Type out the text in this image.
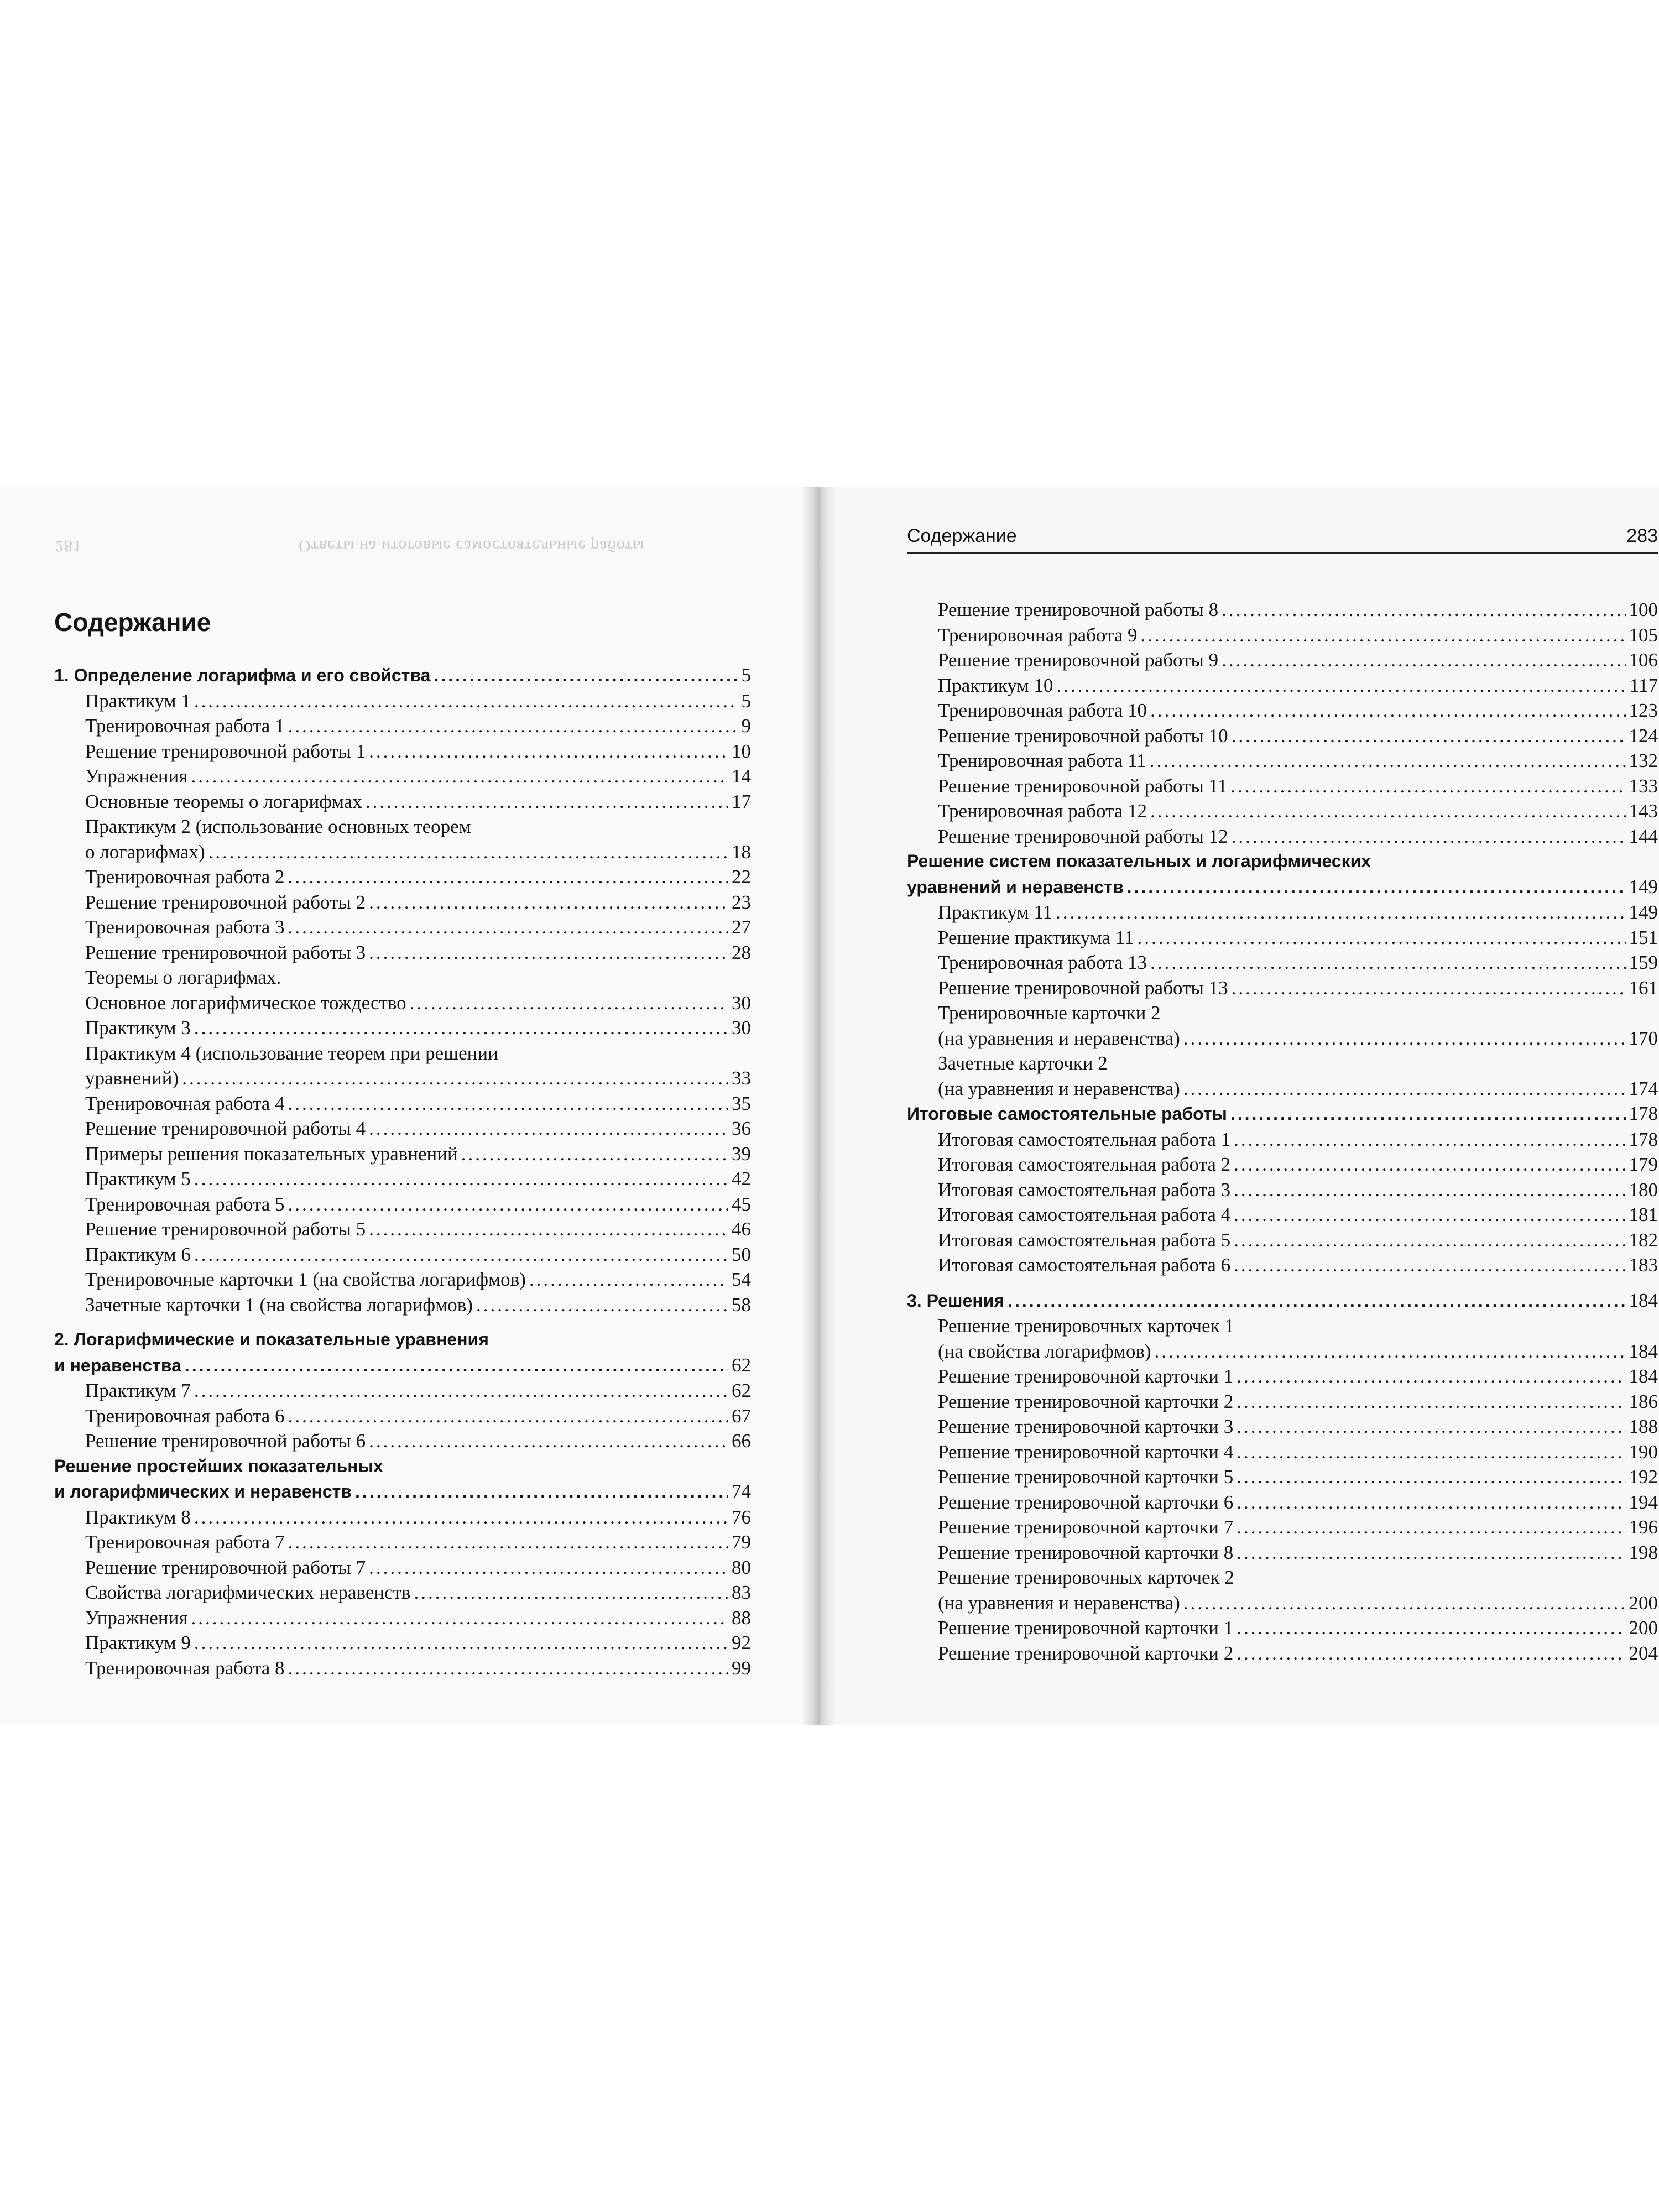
Ответы на итоговые самостоятельные работы
281
Содержание
1. Определение логарифма и его свойства .....	5
Практикум 1 .....	5
Тренировочная работа 1 .....	9
Решение тренировочной работы 1 .....	10
Упражнения .....	14
Основные теоремы о логарифмах .....	17
Практикум 2 (использование основных теорем
о логарифмах) .....	18
Тренировочная работа 2 .....	22
Решение тренировочной работы 2 .....	23
Тренировочная работа 3 .....	27
Решение тренировочной работы 3 .....	28
Теоремы о логарифмах.
Основное логарифмическое тождество .....	30
Практикум 3 .....	30
Практикум 4 (использование теорем при решении
уравнений) .....	33
Тренировочная работа 4 .....	35
Решение тренировочной работы 4 .....	36
Примеры решения показательных уравнений .....	39
Практикум 5 .....	42
Тренировочная работа 5 .....	45
Решение тренировочной работы 5 .....	46
Практикум 6 .....	50
Тренировочные карточки 1 (на свойства логарифмов) .....	54
Зачетные карточки 1 (на свойства логарифмов) .....	58
2. Логарифмические и показательные уравнения
и неравенства .....	62
Практикум 7 .....	62
Тренировочная работа 6 .....	67
Решение тренировочной работы 6 .....	66
Решение простейших показательных
и логарифмических и неравенств .....	74
Практикум 8 .....	76
Тренировочная работа 7 .....	79
Решение тренировочной работы 7 .....	80
Свойства логарифмических неравенств .....	83
Упражнения .....	88
Практикум 9 .....	92
Тренировочная работа 8 .....	99
Содержание	283
Решение тренировочной работы 8 .....	100
Тренировочная работа 9 .....	105
Решение тренировочной работы 9 .....	106
Практикум 10 .....	117
Тренировочная работа 10 .....	123
Решение тренировочной работы 10 .....	124
Тренировочная работа 11 .....	132
Решение тренировочной работы 11 .....	133
Тренировочная работа 12 .....	143
Решение тренировочной работы 12 .....	144
Решение систем показательных и логарифмических
уравнений и неравенств .....	149
Практикум 11 .....	149
Решение практикума 11 .....	151
Тренировочная работа 13 .....	159
Решение тренировочной работы 13 .....	161
Тренировочные карточки 2
(на уравнения и неравенства) .....	170
Зачетные карточки 2
(на уравнения и неравенства) .....	174
Итоговые самостоятельные работы .....	178
Итоговая самостоятельная работа 1 .....	178
Итоговая самостоятельная работа 2 .....	179
Итоговая самостоятельная работа 3 .....	180
Итоговая самостоятельная работа 4 .....	181
Итоговая самостоятельная работа 5 .....	182
Итоговая самостоятельная работа 6 .....	183
3. Решения .....	184
Решение тренировочных карточек 1
(на свойства логарифмов) .....	184
Решение тренировочной карточки 1 .....	184
Решение тренировочной карточки 2 .....	186
Решение тренировочной карточки 3 .....	188
Решение тренировочной карточки 4 .....	190
Решение тренировочной карточки 5 .....	192
Решение тренировочной карточки 6 .....	194
Решение тренировочной карточки 7 .....	196
Решение тренировочной карточки 8 .....	198
Решение тренировочных карточек 2
(на уравнения и неравенства) .....	200
Решение тренировочной карточки 1 .....	200
Решение тренировочной карточки 2 .....	204
